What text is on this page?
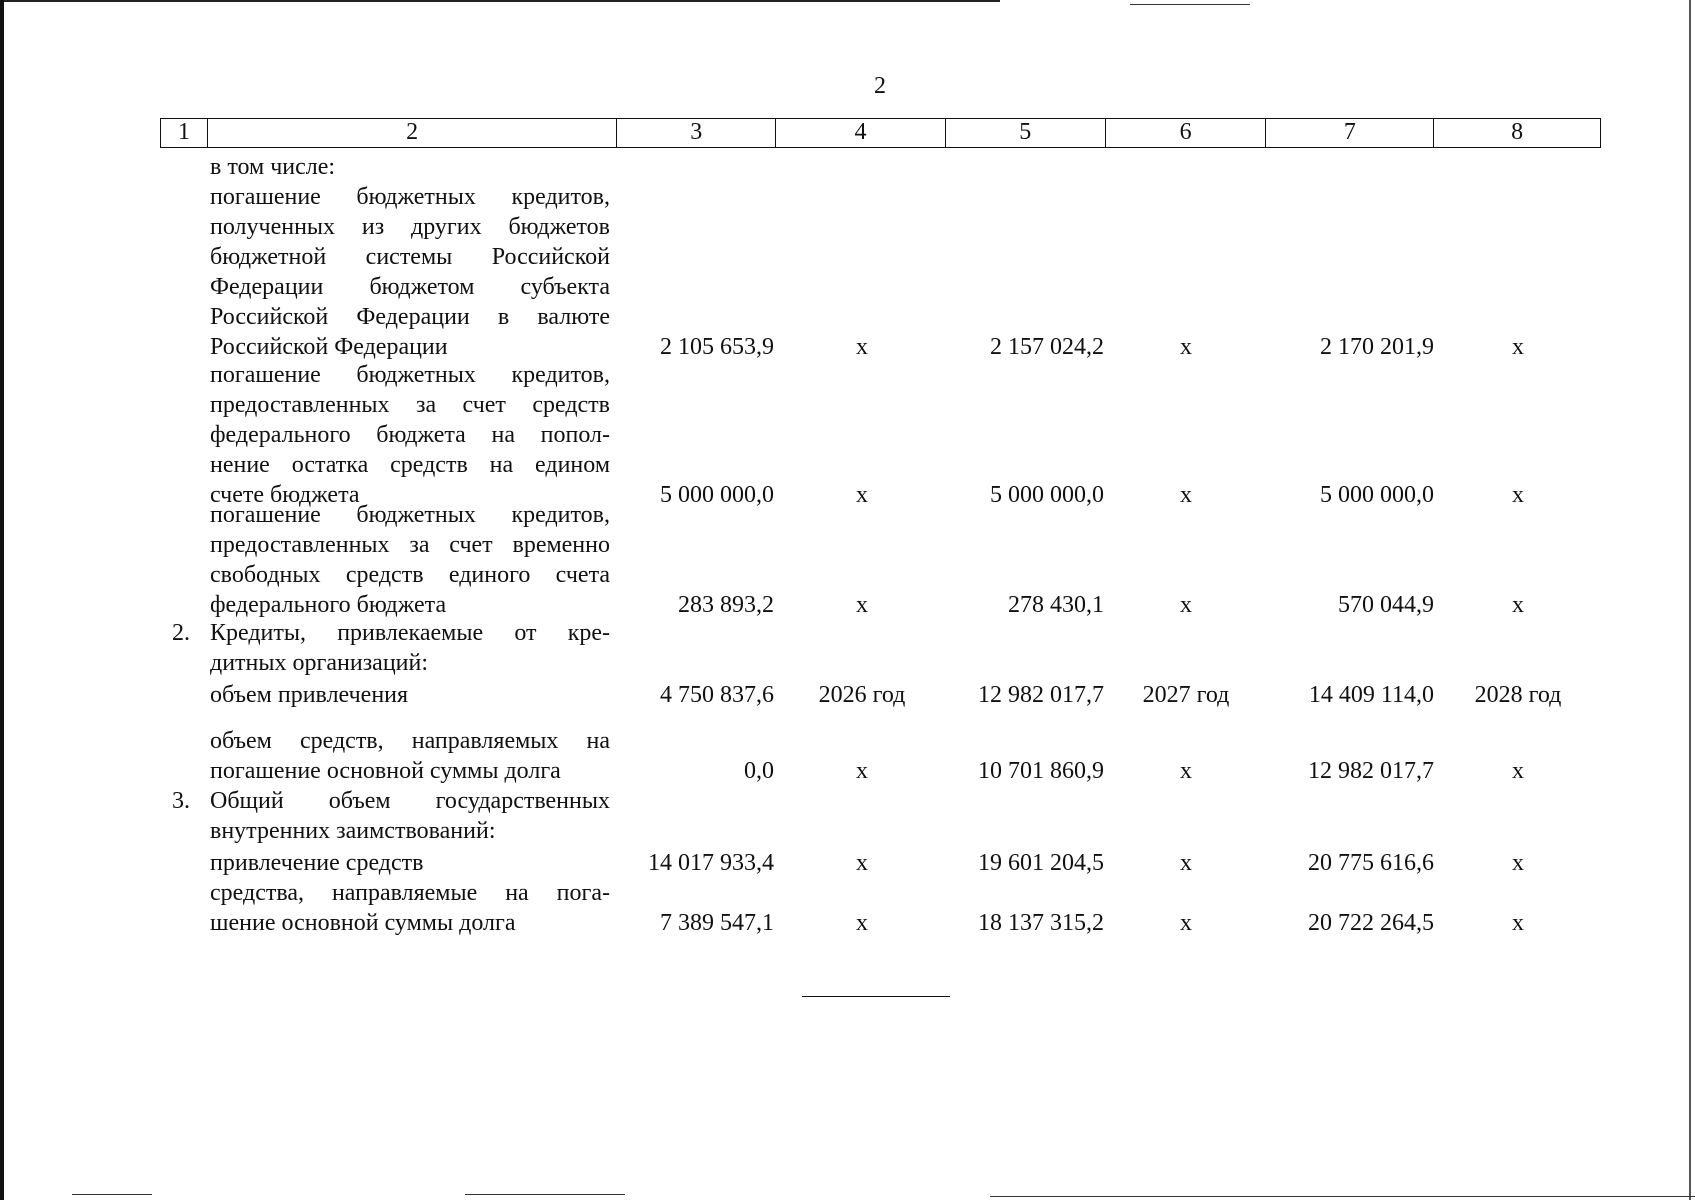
2
1	2	3	4	5	6	7	8
в том числе:
погашение бюджетных кредитов,
полученных из других бюджетов
бюджетной системы Российской
Федерации бюджетом субъекта
Российской Федерации в валюте
Российской Федерации	2 105 653,9	x	2 157 024,2	x	2 170 201,9	x
погашение бюджетных кредитов,
предоставленных за счет средств
федерального бюджета на попол-
нение остатка средств на едином
счете бюджета	5 000 000,0	x	5 000 000,0	x	5 000 000,0	x
погашение бюджетных кредитов,
предоставленных за счет временно
свободных средств единого счета
федерального бюджета	283 893,2	x	278 430,1	x	570 044,9	x
2. Кредиты, привлекаемые от кре-
дитных организаций:
объем привлечения	4 750 837,6	2026 год	12 982 017,7	2027 год	14 409 114,0	2028 год
объем средств, направляемых на
погашение основной суммы долга	0,0	x	10 701 860,9	x	12 982 017,7	x
3. Общий объем государственных
внутренних заимствований:
привлечение средств	14 017 933,4	x	19 601 204,5	x	20 775 616,6	x
средства, направляемые на пога-
шение основной суммы долга	7 389 547,1	x	18 137 315,2	x	20 722 264,5	x
